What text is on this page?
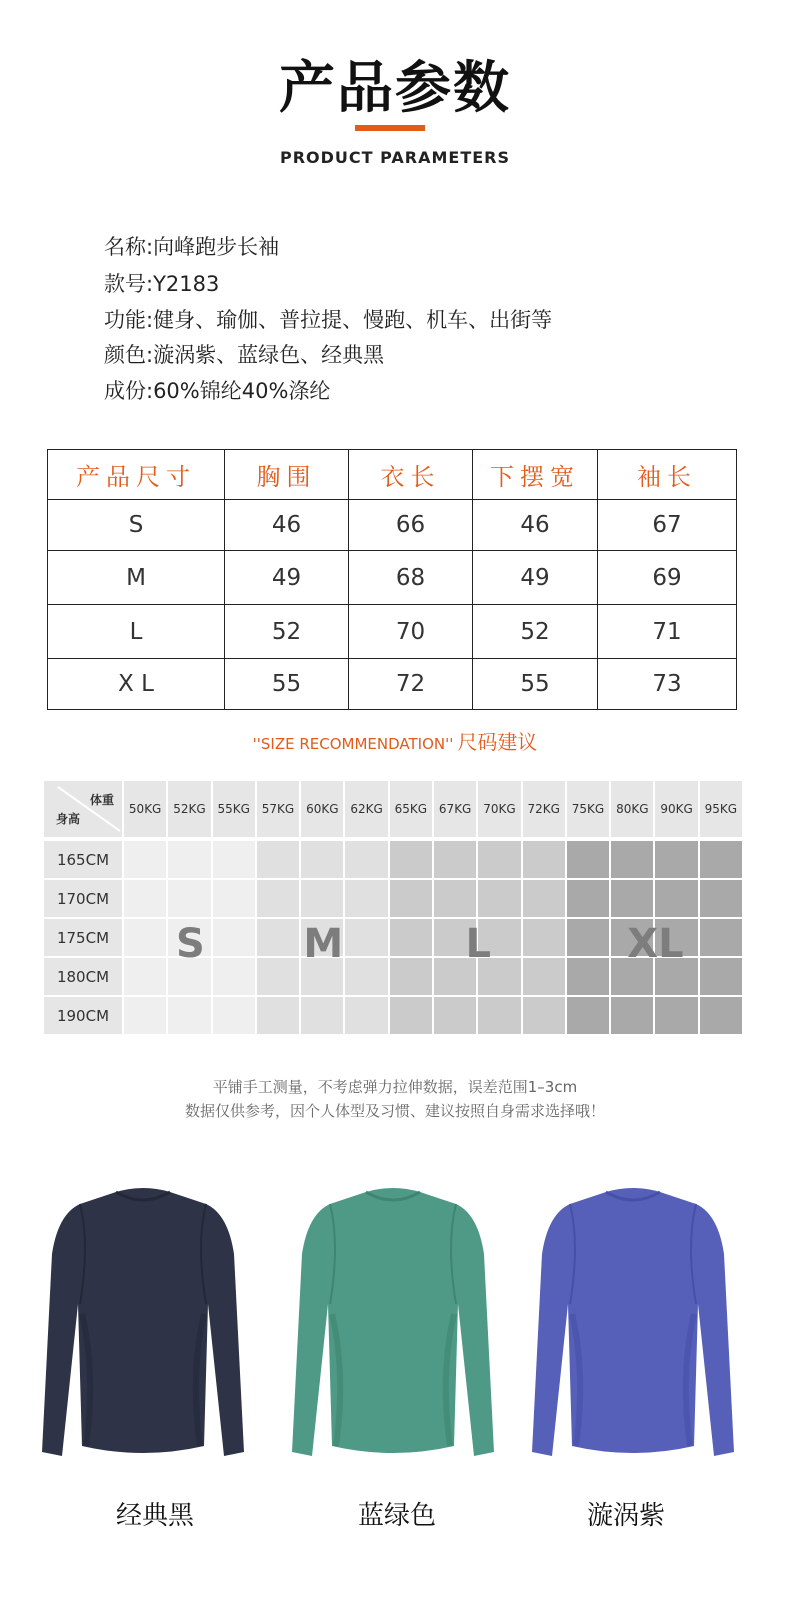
产品参数
PRODUCT PARAMETERS
名称:向峰跑步长袖
款号:Y2183
功能:健身、瑜伽、普拉提、慢跑、机车、出街等
颜色:漩涡紫、蓝绿色、经典黑
成份:60%锦纶40%涤纶
产品尺寸	胸围	衣长	下摆宽	袖长
S	46	66	46	67
M	49	68	49	69
L	52	70	52	71
X L	55	72	55	73
''SIZE RECOMMENDATION'' 尺码建议
体重
身高
50KG 52KG 55KG 57KG 60KG 62KG 65KG 67KG 70KG 72KG 75KG 80KG 90KG 95KG
165CM
170CM
175CM
180CM
190CM
S	M	L	XL
平铺手工测量，不考虑弹力拉伸数据，误差范围1–3cm
数据仅供参考，因个人体型及习惯、建议按照自身需求选择哦！
经典黑	蓝绿色	漩涡紫
